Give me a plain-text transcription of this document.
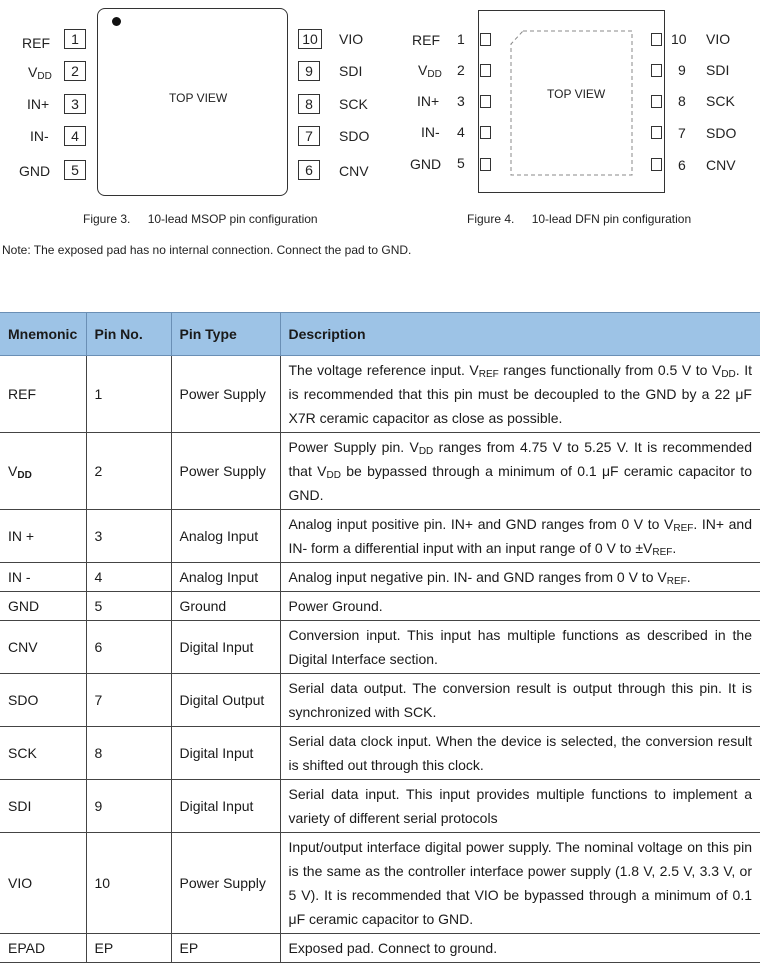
TOP VIEW
REF	1
$V_{DD}$	2
IN+	3
IN-	4
GND	5
10	VIO
9	SDI
8	SCK
7	SDO
6	CNV
Figure 3. 10-lead MSOP pin configuration
TOP VIEW
REF 1
$V_{DD}$ 2
IN+ 3
IN- 4
GND 5
10 VIO
9 SDI
8 SCK
7 SDO
6 CNV
Figure 4. 10-lead DFN pin configuration
Note: The exposed pad has no internal connection. Connect the pad to GND.
Mnemonic	Pin No.	Pin Type	Description
REF	1	Power Supply	The voltage reference input. $V_{REF}$ ranges functionally from 0.5 V to $V_{DD}$. It is recommended that this pin must be decoupled to the GND by a 22 μF X7R ceramic capacitor as close as possible.
$V_{DD}$	2	Power Supply	Power Supply pin. $V_{DD}$ ranges from 4.75 V to 5.25 V. It is recommended that $V_{DD}$ be bypassed through a minimum of 0.1 μF ceramic capacitor to GND.
IN +	3	Analog Input	Analog input positive pin. IN+ and GND ranges from 0 V to $V_{REF}$. IN+ and IN- form a differential input with an input range of 0 V to $\pm V_{REF}$.
IN -	4	Analog Input	Analog input negative pin. IN- and GND ranges from 0 V to $V_{REF}$.
GND	5	Ground	Power Ground.
CNV	6	Digital Input	Conversion input. This input has multiple functions as described in the Digital Interface section.
SDO	7	Digital Output	Serial data output. The conversion result is output through this pin. It is synchronized with SCK.
SCK	8	Digital Input	Serial data clock input. When the device is selected, the conversion result is shifted out through this clock.
SDI	9	Digital Input	Serial data input. This input provides multiple functions to implement a variety of different serial protocols
VIO	10	Power Supply	Input/output interface digital power supply. The nominal voltage on this pin is the same as the controller interface power supply (1.8 V, 2.5 V, 3.3 V, or 5 V). It is recommended that VIO be bypassed through a minimum of 0.1 μF ceramic capacitor to GND.
EPAD	EP	EP	Exposed pad. Connect to ground.
